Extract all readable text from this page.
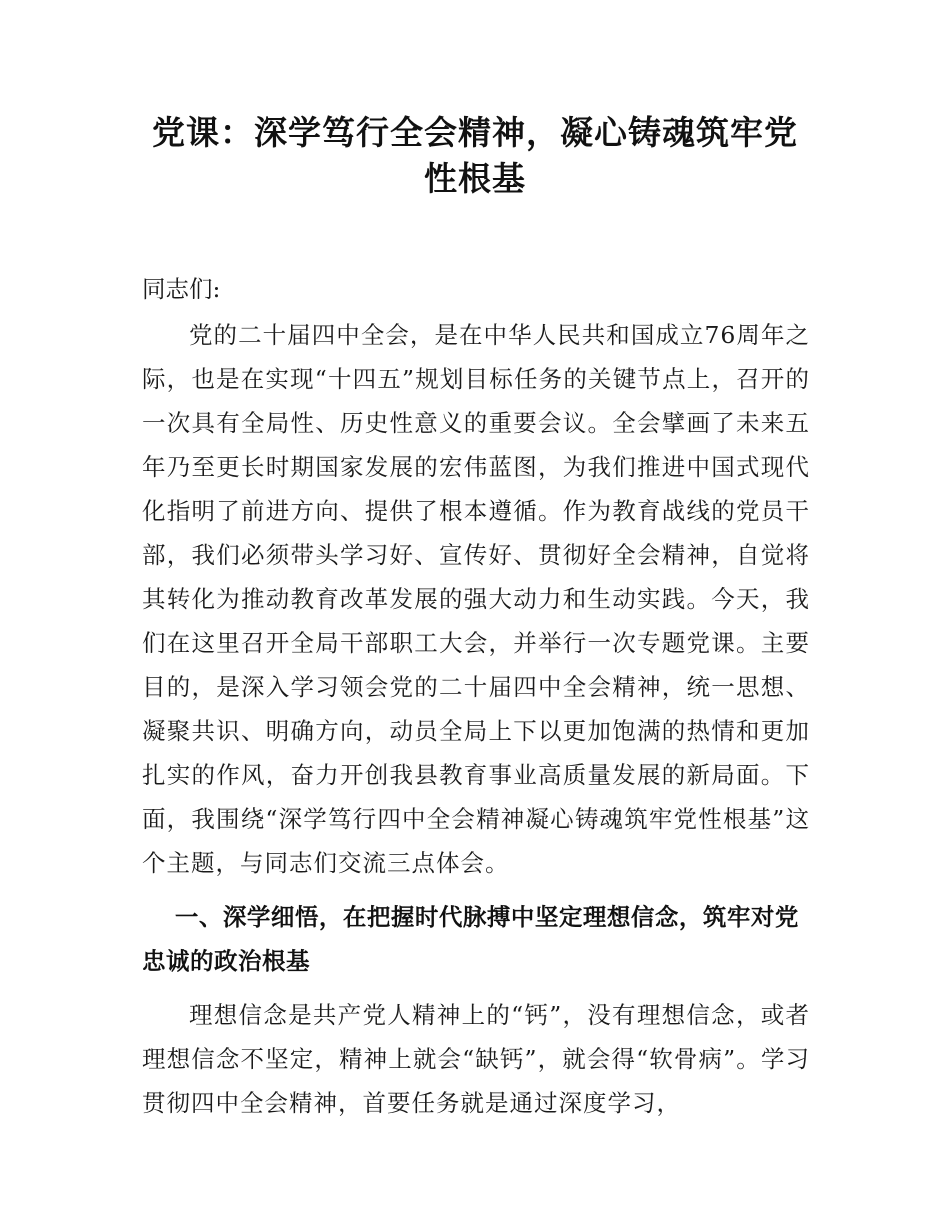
党课：深学笃行全会精神，凝心铸魂筑牢党性根基

同志们:

党的二十届四中全会，是在中华人民共和国成立76周年之际，也是在实现“十四五”规划目标任务的关键节点上，召开的一次具有全局性、历史性意义的重要会议。全会擘画了未来五年乃至更长时期国家发展的宏伟蓝图，为我们推进中国式现代化指明了前进方向、提供了根本遵循。作为教育战线的党员干部，我们必须带头学习好、宣传好、贯彻好全会精神，自觉将其转化为推动教育改革发展的强大动力和生动实践。今天，我们在这里召开全局干部职工大会，并举行一次专题党课。主要目的，是深入学习领会党的二十届四中全会精神，统一思想、凝聚共识、明确方向，动员全局上下以更加饱满的热情和更加扎实的作风，奋力开创我县教育事业高质量发展的新局面。下面，我围绕“深学笃行四中全会精神凝心铸魂筑牢党性根基”这个主题，与同志们交流三点体会。

一、深学细悟，在把握时代脉搏中坚定理想信念，筑牢对党忠诚的政治根基

理想信念是共产党人精神上的“钙”，没有理想信念，或者理想信念不坚定，精神上就会“缺钙”，就会得“软骨病”。学习贯彻四中全会精神，首要任务就是通过深度学习，
